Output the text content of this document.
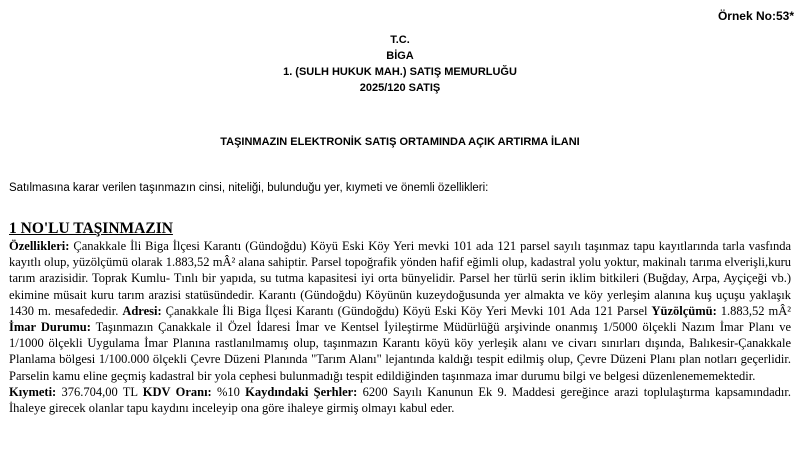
Örnek No:53*
T.C.
BİGA
1. (SULH HUKUK MAH.) SATIŞ MEMURLUĞU
2025/120 SATIŞ
TAŞINMAZIN ELEKTRONİK SATIŞ ORTAMINDA AÇIK ARTIRMA İLANI
Satılmasına karar verilen taşınmazın cinsi, niteliği, bulunduğu yer, kıymeti ve önemli özellikleri:
1 NO'LU TAŞINMAZIN
Özellikleri: Çanakkale İli Biga İlçesi Karantı (Gündoğdu) Köyü Eski Köy Yeri mevki 101 ada 121 parsel sayılı taşınmaz tapu kayıtlarında tarla vasfında kayıtlı olup, yüzölçümü olarak 1.883,52 mÂ² alana sahiptir. Parsel topoğrafik yönden hafif eğimli olup, kadastral yolu yoktur, makinalı tarıma elverişli,kuru tarım arazisidir. Toprak Kumlu- Tınlı bir yapıda, su tutma kapasitesi iyi orta bünyelidir. Parsel her türlü serin iklim bitkileri (Buğday, Arpa, Ayçiçeği vb.) ekimine müsait kuru tarım arazisi statüsündedir. Karantı (Gündoğdu) Köyünün kuzeydoğusunda yer almakta ve köy yerleşim alanına kuş uçuşu yaklaşık 1430 m. mesafededir. Adresi: Çanakkale İli Biga İlçesi Karantı (Gündoğdu) Köyü Eski Köy Yeri Mevki 101 Ada 121 Parsel Yüzölçümü: 1.883,52 mÂ² İmar Durumu: Taşınmazın Çanakkale il Özel İdaresi İmar ve Kentsel İyileştirme Müdürlüğü arşivinde onanmış 1/5000 ölçekli Nazım İmar Planı ve 1/1000 ölçekli Uygulama İmar Planına rastlanılmamış olup, taşınmazın Karantı köyü köy yerleşik alanı ve civarı sınırları dışında, Balıkesir-Çanakkale Planlama bölgesi 1/100.000 ölçekli Çevre Düzeni Planında "Tarım Alanı" lejantında kaldığı tespit edilmiş olup, Çevre Düzeni Planı plan notları geçerlidir. Parselin kamu eline geçmiş kadastral bir yola cephesi bulunmadığı tespit edildiğinden taşınmaza imar durumu bilgi ve belgesi düzenlenememektedir.
Kıymeti: 376.704,00 TL KDV Oranı: %10 Kaydındaki Şerhler: 6200 Sayılı Kanunun Ek 9. Maddesi gereğince arazi toplulaştırma kapsamındadır. İhaleye girecek olanlar tapu kaydını inceleyip ona göre ihaleye girmiş olmayı kabul eder.
